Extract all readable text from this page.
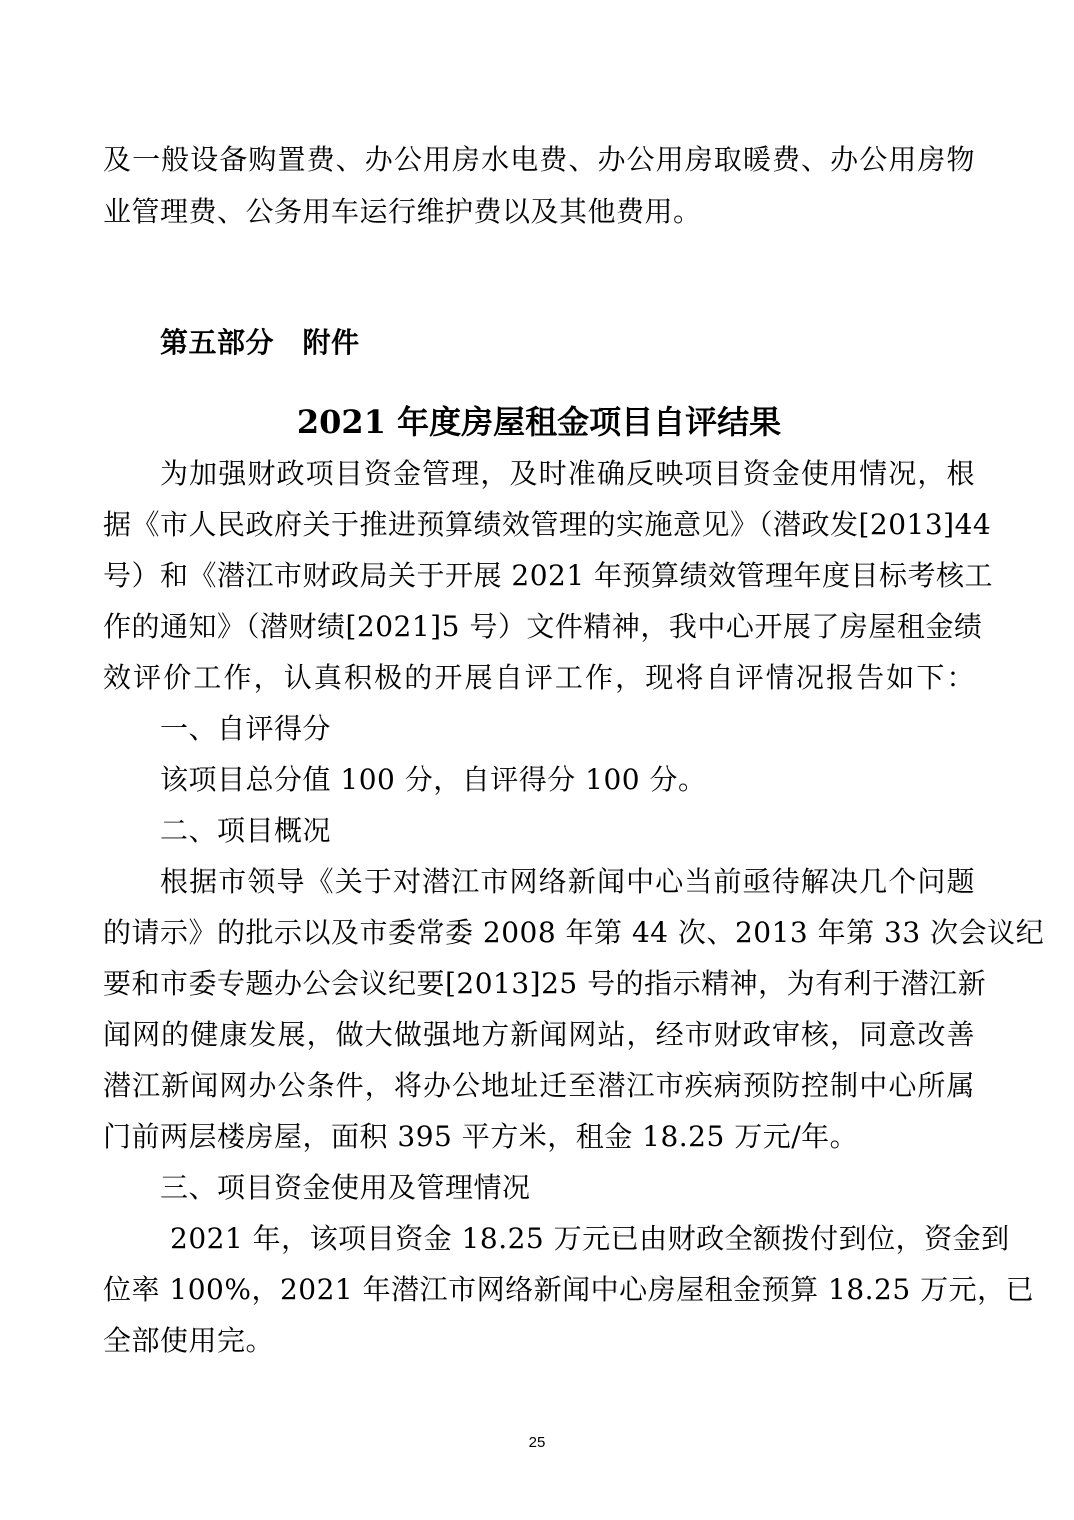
及一般设备购置费、办公用房水电费、办公用房取暖费、办公用房物
业管理费、公务用车运行维护费以及其他费用。
第五部分　附件
2021 年度房屋租金项目自评结果
为加强财政项目资金管理，及时准确反映项目资金使用情况，根
据《市人民政府关于推进预算绩效管理的实施意见》（潜政发[2013]44
号）和《潜江市财政局关于开展 2021 年预算绩效管理年度目标考核工
作的通知》（潜财绩[2021]5 号）文件精神，我中心开展了房屋租金绩
效评价工作，认真积极的开展自评工作，现将自评情况报告如下：
一、自评得分
该项目总分值 100 分，自评得分 100 分。
二、项目概况
根据市领导《关于对潜江市网络新闻中心当前亟待解决几个问题
的请示》的批示以及市委常委 2008 年第 44 次、2013 年第 33 次会议纪
要和市委专题办公会议纪要[2013]25 号的指示精神，为有利于潜江新
闻网的健康发展，做大做强地方新闻网站，经市财政审核，同意改善
潜江新闻网办公条件，将办公地址迁至潜江市疾病预防控制中心所属
门前两层楼房屋，面积 395 平方米，租金 18.25 万元/年。
三、项目资金使用及管理情况
2021 年，该项目资金 18.25 万元已由财政全额拨付到位，资金到
位率 100%，2021 年潜江市网络新闻中心房屋租金预算 18.25 万元，已
全部使用完。
25
